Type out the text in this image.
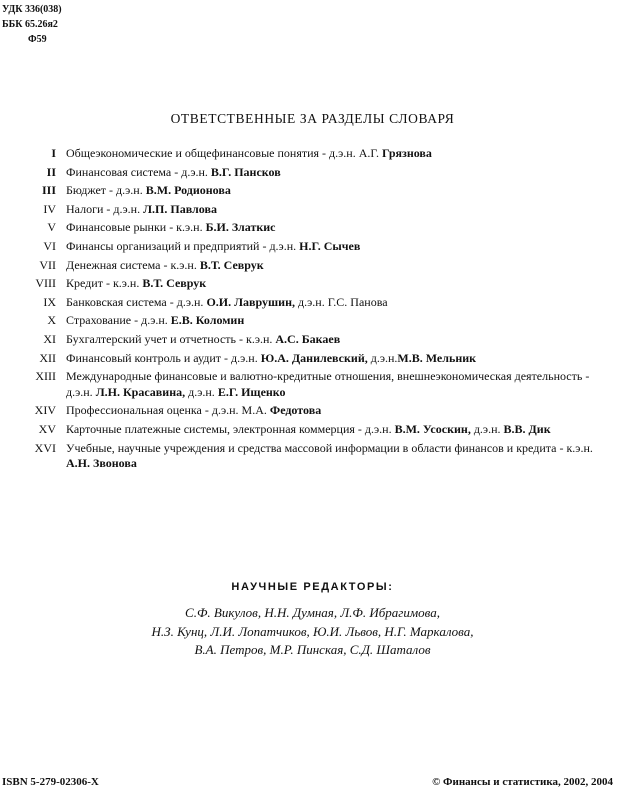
УДК 336(038)
ББК 65.26я2
Ф59
ОТВЕТСТВЕННЫЕ ЗА РАЗДЕЛЫ СЛОВАРЯ
I Общеэкономические и общефинансовые понятия - д.э.н. А.Г. Грязнова
II Финансовая система - д.э.н. В.Г. Пансков
III Бюджет - д.э.н. В.М. Родионова
IV Налоги - д.э.н. Л.П. Павлова
V Финансовые рынки - к.э.н. Б.И. Златкис
VI Финансы организаций и предприятий - д.э.н. Н.Г. Сычев
VII Денежная система - к.э.н. В.Т. Севрук
VIII Кредит - к.э.н. В.Т. Севрук
IX Банковская система - д.э.н. О.И. Лаврушин, д.э.н. Г.С. Панова
X Страхование - д.э.н. Е.В. Коломин
XI Бухгалтерский учет и отчетность - к.э.н. А.С. Бакаев
XII Финансовый контроль и аудит - д.э.н. Ю.А. Данилевский, д.э.н.М.В. Мельник
XIII Международные финансовые и валютно-кредитные отношения, внешнеэкономическая деятельность - д.э.н. Л.Н. Красавина, д.э.н. Е.Г. Ищенко
XIV Профессиональная оценка - д.э.н. М.А. Федотова
XV Карточные платежные системы, электронная коммерция - д.э.н. В.М. Усоскин, д.э.н. В.В. Дик
XVI Учебные, научные учреждения и средства массовой информации в области финансов и кредита - к.э.н. А.Н. Звонова
НАУЧНЫЕ РЕДАКТОРЫ:
С.Ф. Викулов, Н.Н. Думная, Л.Ф. Ибрагимова,
Н.З. Кунц, Л.И. Лопатчиков, Ю.И. Львов, Н.Г. Маркалова,
В.А. Петров, М.Р. Пинская, С.Д. Шаталов
ISBN 5-279-02306-X	© Финансы и статистика, 2002, 2004
